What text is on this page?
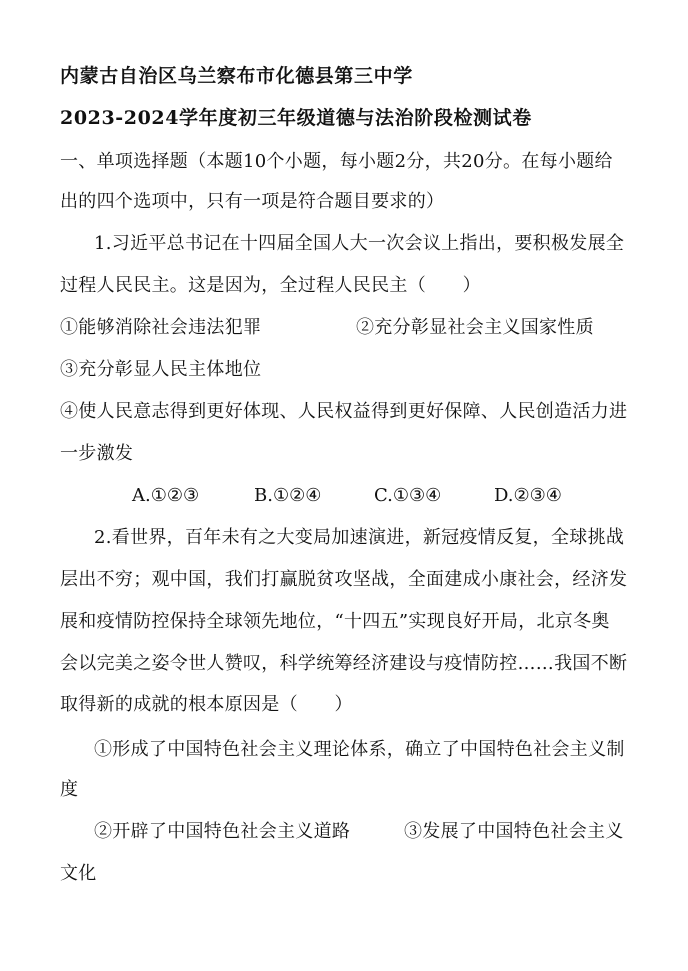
内蒙古自治区乌兰察布市化德县第三中学
2023-2024学年度初三年级道德与法治阶段检测试卷
一、单项选择题（本题10个小题，每小题2分，共20分。在每小题给
出的四个选项中，只有一项是符合题目要求的）
1.习近平总书记在十四届全国人大一次会议上指出，要积极发展全
过程人民民主。这是因为，全过程人民民主（　　）
①能够消除社会违法犯罪	②充分彰显社会主义国家性质
③充分彰显人民主体地位
④使人民意志得到更好体现、人民权益得到更好保障、人民创造活力进
一步激发
A.①②③	B.①②④	C.①③④	D.②③④
2.看世界，百年未有之大变局加速演进，新冠疫情反复，全球挑战
层出不穷；观中国，我们打赢脱贫攻坚战，全面建成小康社会，经济发
展和疫情防控保持全球领先地位，“十四五”实现良好开局，北京冬奥
会以完美之姿令世人赞叹，科学统筹经济建设与疫情防控……我国不断
取得新的成就的根本原因是（　　）
①形成了中国特色社会主义理论体系，确立了中国特色社会主义制
度
②开辟了中国特色社会主义道路	③发展了中国特色社会主义
文化
